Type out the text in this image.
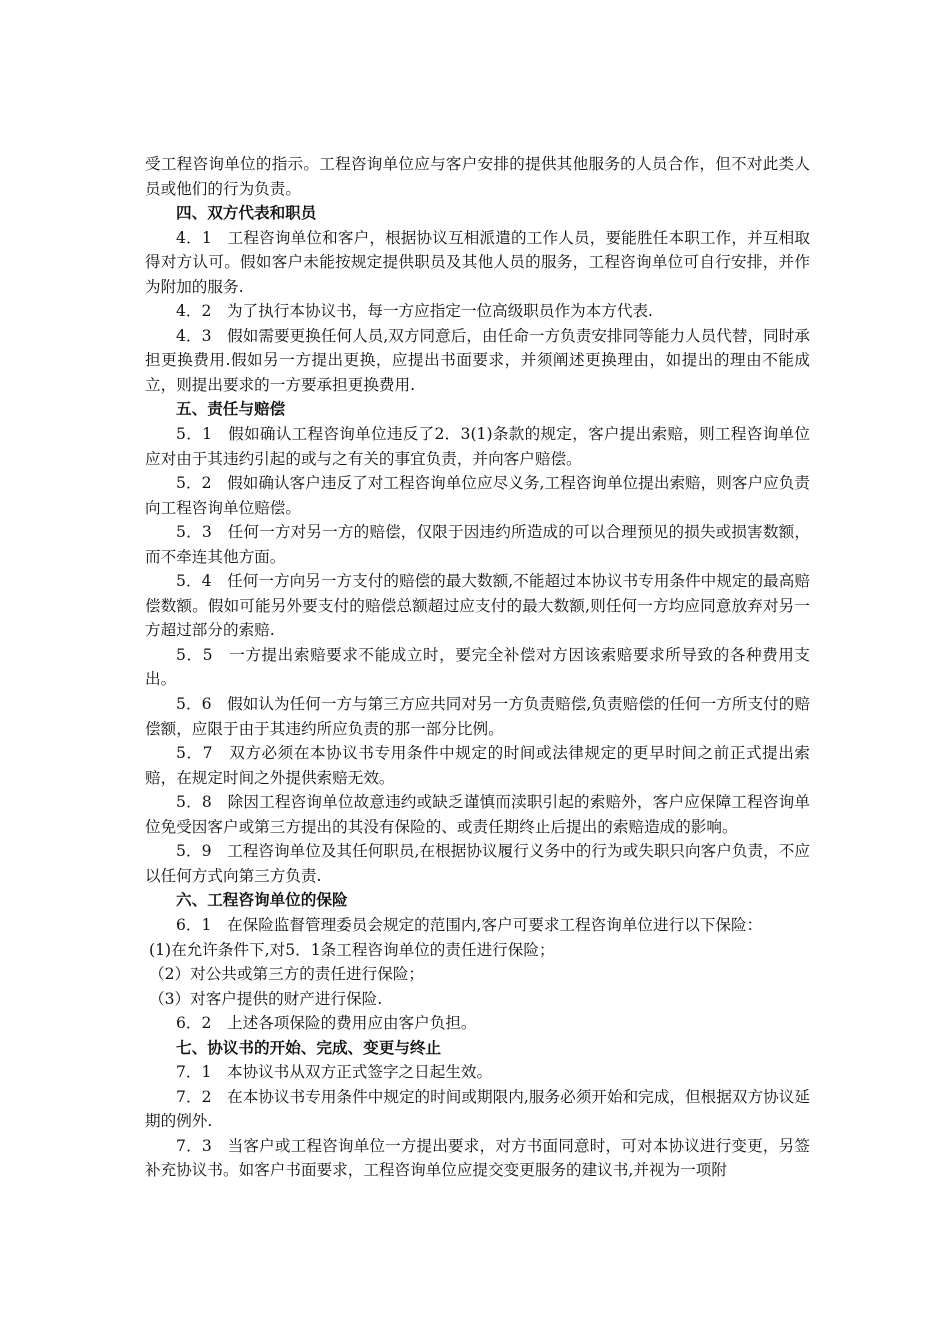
受工程咨询单位的指示。工程咨询单位应与客户安排的提供其他服务的人员合作，但不对此类人员或他们的行为负责。

四、双方代表和职员

4．1　工程咨询单位和客户，根据协议互相派遣的工作人员，要能胜任本职工作，并互相取得对方认可。假如客户未能按规定提供职员及其他人员的服务，工程咨询单位可自行安排，并作为附加的服务.

4．2　为了执行本协议书，每一方应指定一位高级职员作为本方代表.

4．3　假如需要更换任何人员,双方同意后，由任命一方负责安排同等能力人员代替，同时承担更换费用.假如另一方提出更换，应提出书面要求，并须阐述更换理由，如提出的理由不能成立，则提出要求的一方要承担更换费用.

五、责任与赔偿

5．1　假如确认工程咨询单位违反了2．3(1)条款的规定，客户提出索赔，则工程咨询单位应对由于其违约引起的或与之有关的事宜负责，并向客户赔偿。

5．2　假如确认客户违反了对工程咨询单位应尽义务,工程咨询单位提出索赔，则客户应负责向工程咨询单位赔偿。

5．3　任何一方对另一方的赔偿，仅限于因违约所造成的可以合理预见的损失或损害数额，而不牵连其他方面。

5．4　任何一方向另一方支付的赔偿的最大数额,不能超过本协议书专用条件中规定的最高赔偿数额。假如可能另外要支付的赔偿总额超过应支付的最大数额,则任何一方均应同意放弃对另一方超过部分的索赔.

5．5　一方提出索赔要求不能成立时，要完全补偿对方因该索赔要求所导致的各种费用支出。

5．6　假如认为任何一方与第三方应共同对另一方负责赔偿,负责赔偿的任何一方所支付的赔偿额，应限于由于其违约所应负责的那一部分比例。

5．7　双方必须在本协议书专用条件中规定的时间或法律规定的更早时间之前正式提出索赔，在规定时间之外提供索赔无效。

5．8　除因工程咨询单位故意违约或缺乏谨慎而渎职引起的索赔外，客户应保障工程咨询单位免受因客户或第三方提出的其没有保险的、或责任期终止后提出的索赔造成的影响。

5．9　工程咨询单位及其任何职员,在根据协议履行义务中的行为或失职只向客户负责，不应以任何方式向第三方负责.

六、工程咨询单位的保险

6．1　在保险监督管理委员会规定的范围内,客户可要求工程咨询单位进行以下保险：

(1)在允许条件下,对5．1条工程咨询单位的责任进行保险；

（2）对公共或第三方的责任进行保险；

（3）对客户提供的财产进行保险.

6．2　上述各项保险的费用应由客户负担。

七、协议书的开始、完成、变更与终止

7．1　本协议书从双方正式签字之日起生效。

7．2　在本协议书专用条件中规定的时间或期限内,服务必须开始和完成，但根据双方协议延期的例外.

7．3　当客户或工程咨询单位一方提出要求，对方书面同意时，可对本协议进行变更，另签补充协议书。如客户书面要求，工程咨询单位应提交变更服务的建议书,并视为一项附
